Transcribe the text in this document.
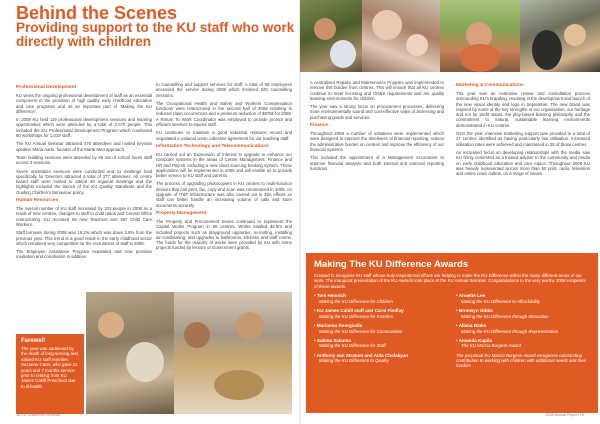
Behind the Scenes
Providing support to the KU staff who work directly with children
Professional Development

KU views the ongoing professional development of staff as an essential component in the provision of high quality early childhood education and care programs and as an important part of 'Making the KU difference'.

In 2008 KU held 119 professional development sessions and learning opportunities which were attended by a total of 2,070 people. This included the KU Professional Development Program which conducted 80 workshops for 1,019 staff.

The KU Annual Seminar attracted 470 attendees and hosted keynote speaker Maria Aarts, founder of the Marte Meo approach.

Team building sessions were attended by 66 out of school hours staff across 3 sessions.

Seven orientation sessions were conducted and 11 meetings held specifically for Directors attracted a total of 377 attendees. All centre based staff were invited to attend 30 regional meetings and the highlights included the launch of the KU Quality Standards and the Guiding Children's Behaviour policy.

Human Resources

The overall number of KU staff increased by 101 people in 2008 as a result of new centres, changes to staff to child ratios and Central Office restructuring. KU recruited 66 new Teachers and 367 Child Care Workers.

Staff turnover during 2008 was 19.2% which was down 2.8% from the previous year. This trend is a good result in the early childhood sector which remained very competitive for the recruitment of staff in 2008.

The Employee Assistance Program expanded and now provides mediation and conciliation in addition

to counselling and support services for staff. A total of 68 employees accessed the service during 2008 which involved 225 counselling sessions.

The Occupational Health and Safety and Workers Compensation functions were restructured in the second half of 2008 resulting in reduced claim occurrences and a premium reduction of $876k for 2009. A Return To Work Coordinator was employed to provide prompt and efficient services to injured staff.

KU continues to maintain a good industrial relations record and negotiated a national union collective agreement for our teaching staff.

Information Technology and Telecommunications

KU carried out an Expression of Interest to upgrade or enhance our computer systems in the areas of Centre Management, Finance and HR and Payroll, including a new cloud sourcing booking system. These applications will be implemented in 2009 and will enable us to provide better service to KU staff and parents.

The process of upgrading photocopiers in KU centres to multi-function devices that can print, fax, copy and scan was commenced in 2008. An upgrade of IT&T infrastructure was also carried out in 35A offices so staff can better handle an increasing volume of calls and store documents securely.

Property Management

The Property and Procurement teams continued to implement the Capital Works Program in 59 centres. Works totalled $2.8m and included projects such as playground upgrades, re-roofing, installing air-conditioning, and upgrades to bathrooms, kitchens and staff rooms. The funds for the majority of works were provided by KU with some projects funded by lessors or Government grants.

Farewell

The year was saddened by the death of long-serving and valued KU staff member, Suzanne Carer, who gave 11 years and 7 months service prior to retiring from KU James Cahill Preschool due to ill health.

18 KU Children's Services

A centralised Repairs and Maintenance Program was implemented to remove this burden from centres. This will ensure that all KU centres continue to meet licensing and OH&S requirements and are quality learning environments for children.

The year saw a strong focus on procurement processes, delivering more environmentally sound and cost-effective ways of assessing and purchasing goods and services.

Finance

Throughout 2008 a number of initiatives were implemented which were designed to improve the timeliness of financial reporting, reduce the administrative burden on centres and improve the efficiency of our financial systems.

This included the appointment of a Management Accountant to improve financial analysis and both internal and external reporting functions.

Marketing & Communications

The year saw an extensive review and consultation process surrounding KU's branding, resulting in the development and launch of the new visual identity and logo in September. The new brand was inspired by some of the key strengths of our organisation; our heritage and not for profit status, the play-based learning philosophy and the commitment to natural, sustainable learning environments demonstrated in KU centres.

Over the year, intensive marketing support was provided to a total of 27 centres identified as having particularly low utilisation. Increased utilisation rates were achieved and maintained in 25 of those centres.

An increased focus on developing relationships with the media saw KU firmly cemented as a trusted adviser to the community and media on early childhood education and care topics. Throughout 2008 KU was heavily represented across more than 50 print, radio, television and online news outlets, on a range of issues.

Making The KU Difference Awards

Created to recognise KU staff whose truly inspirational efforts are helping to make the KU Difference within the many different areas of our work. The inaugural presentation of the KU Awards took place at the KU Annual Seminar. Congratulations to the very worthy 2008 recipients of these awards.

• Toni Heinrich
Making the KU Difference for Children
• KU James Cahill staff and Carol Findlay
Making the KU Difference for Families
• Marianna Georgiadis
Making the KU Difference for Communities
• Sabina Sakuma
Making the KU Difference for Staff
• Anthony van Stratum and Aida Cholakyan
Making the KU Difference to Quality
• Annette Lee
Making the KU Difference to Affordability
• Bronwyn Gibbs
Making the KU Difference through Innovation
• Allana Binks
Making the KU Difference through Representation
• Amanda Kapila
The KU Marcia Burgess Award
The perpetual KU Marcia Burgess Award recognises outstanding contribution to working with children with additional needs and their families
2008 Annual Report 19
